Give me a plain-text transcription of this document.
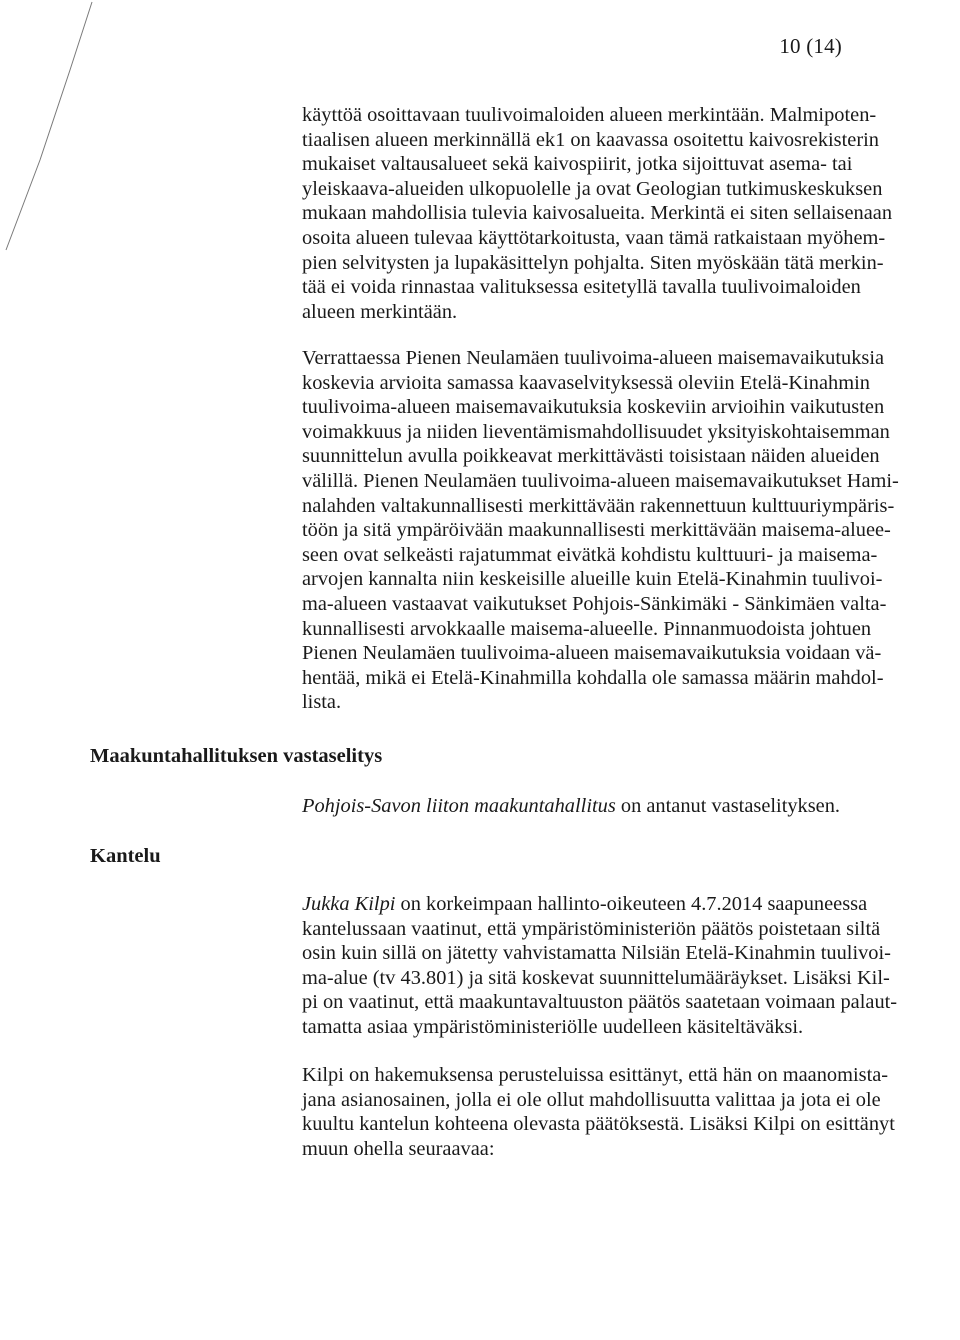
10 (14)

käyttöä osoittavaan tuulivoimaloiden alueen merkintään. Malmipoten-
tiaalisen alueen merkinnällä ek1 on kaavassa osoitettu kaivosrekisterin
mukaiset valtausalueet sekä kaivospiirit, jotka sijoittuvat asema- tai
yleiskaava-alueiden ulkopuolelle ja ovat Geologian tutkimuskeskuksen
mukaan mahdollisia tulevia kaivosalueita. Merkintä ei siten sellaisenaan
osoita alueen tulevaa käyttötarkoitusta, vaan tämä ratkaistaan myöhem-
pien selvitysten ja lupakäsittelyn pohjalta. Siten myöskään tätä merkin-
tää ei voida rinnastaa valituksessa esitetyllä tavalla tuulivoimaloiden
alueen merkintään.

Verrattaessa Pienen Neulamäen tuulivoima-alueen maisemavaikutuksia
koskevia arvioita samassa kaavaselvityksessä oleviin Etelä-Kinahmin
tuulivoima-alueen maisemavaikutuksia koskeviin arvioihin vaikutusten
voimakkuus ja niiden lieventämismahdollisuudet yksityiskohtaisemman
suunnittelun avulla poikkeavat merkittävästi toisistaan näiden alueiden
välillä. Pienen Neulamäen tuulivoima-alueen maisemavaikutukset Hami-
nalahden valtakunnallisesti merkittävään rakennettuun kulttuuriympäris-
töön ja sitä ympäröivään maakunnallisesti merkittävään maisema-aluee-
seen ovat selkeästi rajatummat eivätkä kohdistu kulttuuri- ja maisema-
arvojen kannalta niin keskeisille alueille kuin Etelä-Kinahmin tuulivoi-
ma-alueen vastaavat vaikutukset Pohjois-Sänkimäki - Sänkimäen valta-
kunnallisesti arvokkaalle maisema-alueelle. Pinnanmuodoista johtuen
Pienen Neulamäen tuulivoima-alueen maisemavaikutuksia voidaan vä-
hentää, mikä ei Etelä-Kinahmilla kohdalla ole samassa määrin mahdol-
lista.

Maakuntahallituksen vastaselitys

Pohjois-Savon liiton maakuntahallitus on antanut vastaselityksen.

Kantelu

Jukka Kilpi on korkeimpaan hallinto-oikeuteen 4.7.2014 saapuneessa
kantelussaan vaatinut, että ympäristöministeriön päätös poistetaan siltä
osin kuin sillä on jätetty vahvistamatta Nilsiän Etelä-Kinahmin tuulivoi-
ma-alue (tv 43.801) ja sitä koskevat suunnittelumääräykset. Lisäksi Kil-
pi on vaatinut, että maakuntavaltuuston päätös saatetaan voimaan palaut-
tamatta asiaa ympäristöministeriölle uudelleen käsiteltäväksi.

Kilpi on hakemuksensa perusteluissa esittänyt, että hän on maanomista-
jana asianosainen, jolla ei ole ollut mahdollisuutta valittaa ja jota ei ole
kuultu kantelun kohteena olevasta päätöksestä. Lisäksi Kilpi on esittänyt
muun ohella seuraavaa:
